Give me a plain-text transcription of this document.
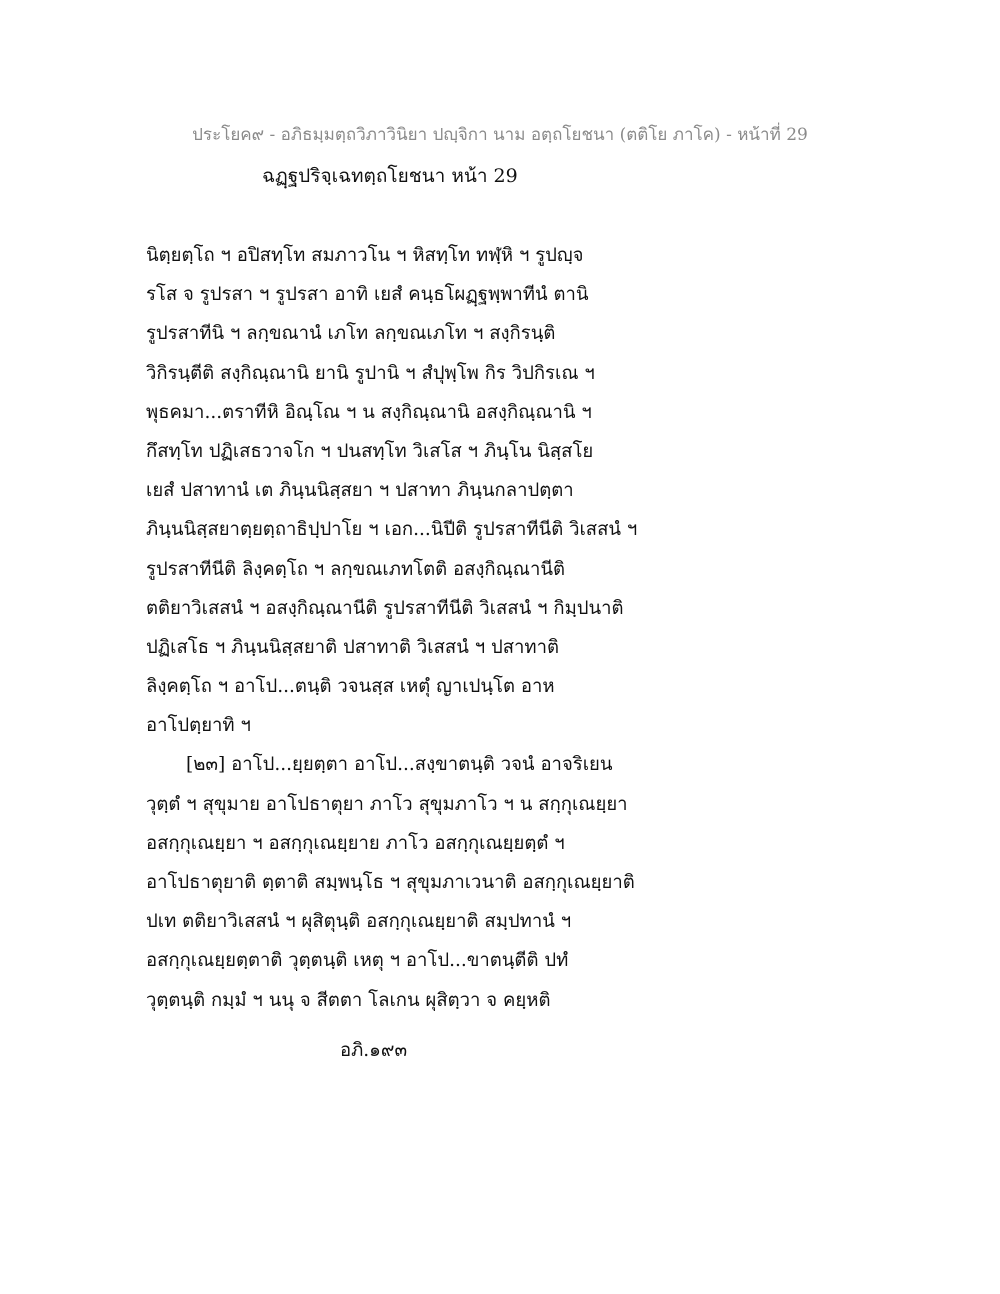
ประโยค๙ - อภิธมฺมตฺถวิภาวินิยา ปญฺจิกา นาม อตฺถโยชนา (ตติโย ภาโค) - หน้าที่ 29
ฉฏฺฐปริจฺเฉทตฺถโยชนา หน้า 29
นิตฺยตฺโถ ฯ อปิสทฺโท สมภาวโน ฯ หิสทฺโท ทฬฺหิ ฯ รูปญฺจ
รโส จ รูปรสา ฯ รูปรสา อาทิ เยสํ คนฺธโผฏฺฐพฺพาทีนํ ตานิ
รูปรสาทีนิ ฯ ลกฺขณานํ เภโท ลกฺขณเภโท ฯ สงฺกิรนฺติ
วิกิรนฺตีติ สงฺกิณฺณานิ ยานิ รูปานิ ฯ สํปุพฺโพ กิร วิปกิรเณ ฯ
พุธคมา...ตราทีหิ อิณฺโณ ฯ น สงฺกิณฺณานิ อสงฺกิณฺณานิ ฯ
กึสทฺโท ปฏิเสธวาจโก ฯ ปนสทฺโท วิเสโส ฯ ภินฺโน นิสฺสโย
เยสํ ปสาทานํ เต ภินฺนนิสฺสยา ฯ ปสาทา ภินฺนกลาปตฺตา
ภินฺนนิสฺสยาตฺยตฺถาธิปฺปาโย ฯ เอก...นิปีติ รูปรสาทีนีติ วิเสสนํ ฯ
รูปรสาทีนีติ ลิงฺคตฺโถ ฯ ลกฺขณเภทโตติ อสงฺกิณฺณานีติ
ตติยาวิเสสนํ ฯ อสงฺกิณฺณานีติ รูปรสาทีนีติ วิเสสนํ ฯ กิมฺปนาติ
ปฏิเสโธ ฯ ภินฺนนิสฺสยาติ ปสาทาติ วิเสสนํ ฯ ปสาทาติ
ลิงฺคตฺโถ ฯ อาโป...ตนฺติ วจนสฺส เหตุํ ญาเปนฺโต อาห
อาโปตฺยาทิ ฯ
[๒๓] อาโป...ยฺยตฺตา อาโป...สงฺขาตนฺติ วจนํ อาจริเยน
วุตฺตํ ฯ สุขุมาย อาโปธาตุยา ภาโว สุขุมภาโว ฯ น สกฺกุเณยฺยา
อสกฺกุเณยฺยา ฯ อสกฺกุเณยฺยาย ภาโว อสกฺกุเณยฺยตฺตํ ฯ
อาโปธาตุยาติ ตฺตาติ สมฺพนฺโธ ฯ สุขุมภาเวนาติ อสกฺกุเณยฺยาติ
ปเท ตติยาวิเสสนํ ฯ ผุสิตุนฺติ อสกฺกุเณยฺยาติ สมฺปทานํ ฯ
อสกฺกุเณยฺยตฺตาติ วุตฺตนฺติ เหตุ ฯ อาโป...ขาตนฺตีติ ปทํ
วุตฺตนฺติ กมฺมํ ฯ นนุ จ สีตตา โลเกน ผุสิตฺวา จ คยฺหติ
อภิ.๑๙๓
